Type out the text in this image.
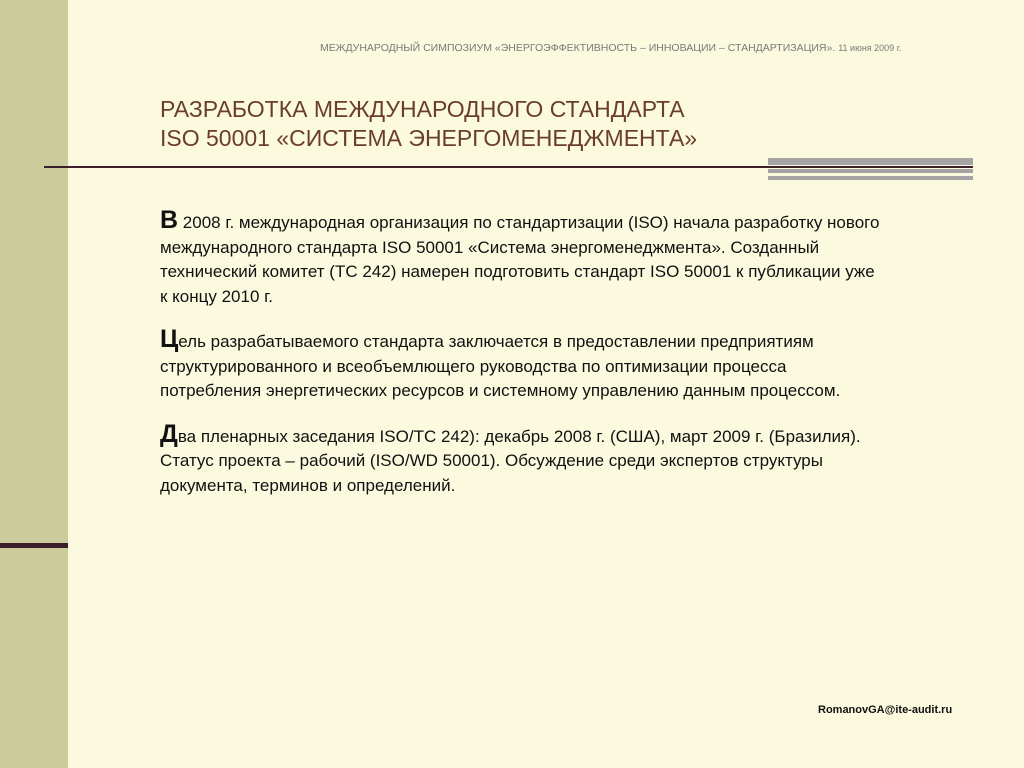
МЕЖДУНАРОДНЫЙ СИМПОЗИУМ «ЭНЕРГОЭФФЕКТИВНОСТЬ – ИННОВАЦИИ – СТАНДАРТИЗАЦИЯ». 11 июня 2009 г.
РАЗРАБОТКА МЕЖДУНАРОДНОГО СТАНДАРТА
ISO 50001 «СИСТЕМА ЭНЕРГОМЕНЕДЖМЕНТА»

В 2008 г. международная организация по стандартизации (ISO) начала разработку нового международного стандарта ISO 50001 «Система энергоменеджмента». Созданный технический комитет (TC 242) намерен подготовить стандарт ISO 50001 к публикации уже к концу 2010 г.

Цель разрабатываемого стандарта заключается в предоставлении предприятиям структурированного и всеобъемлющего руководства по оптимизации процесса потребления энергетических ресурсов и системному управлению данным процессом.

Два пленарных заседания ISO/TC 242): декабрь 2008 г. (США), март 2009 г. (Бразилия).
Статус проекта – рабочий (ISO/WD 50001). Обсуждение среди экспертов структуры документа, терминов и определений.

RomanovGA@ite-audit.ru
